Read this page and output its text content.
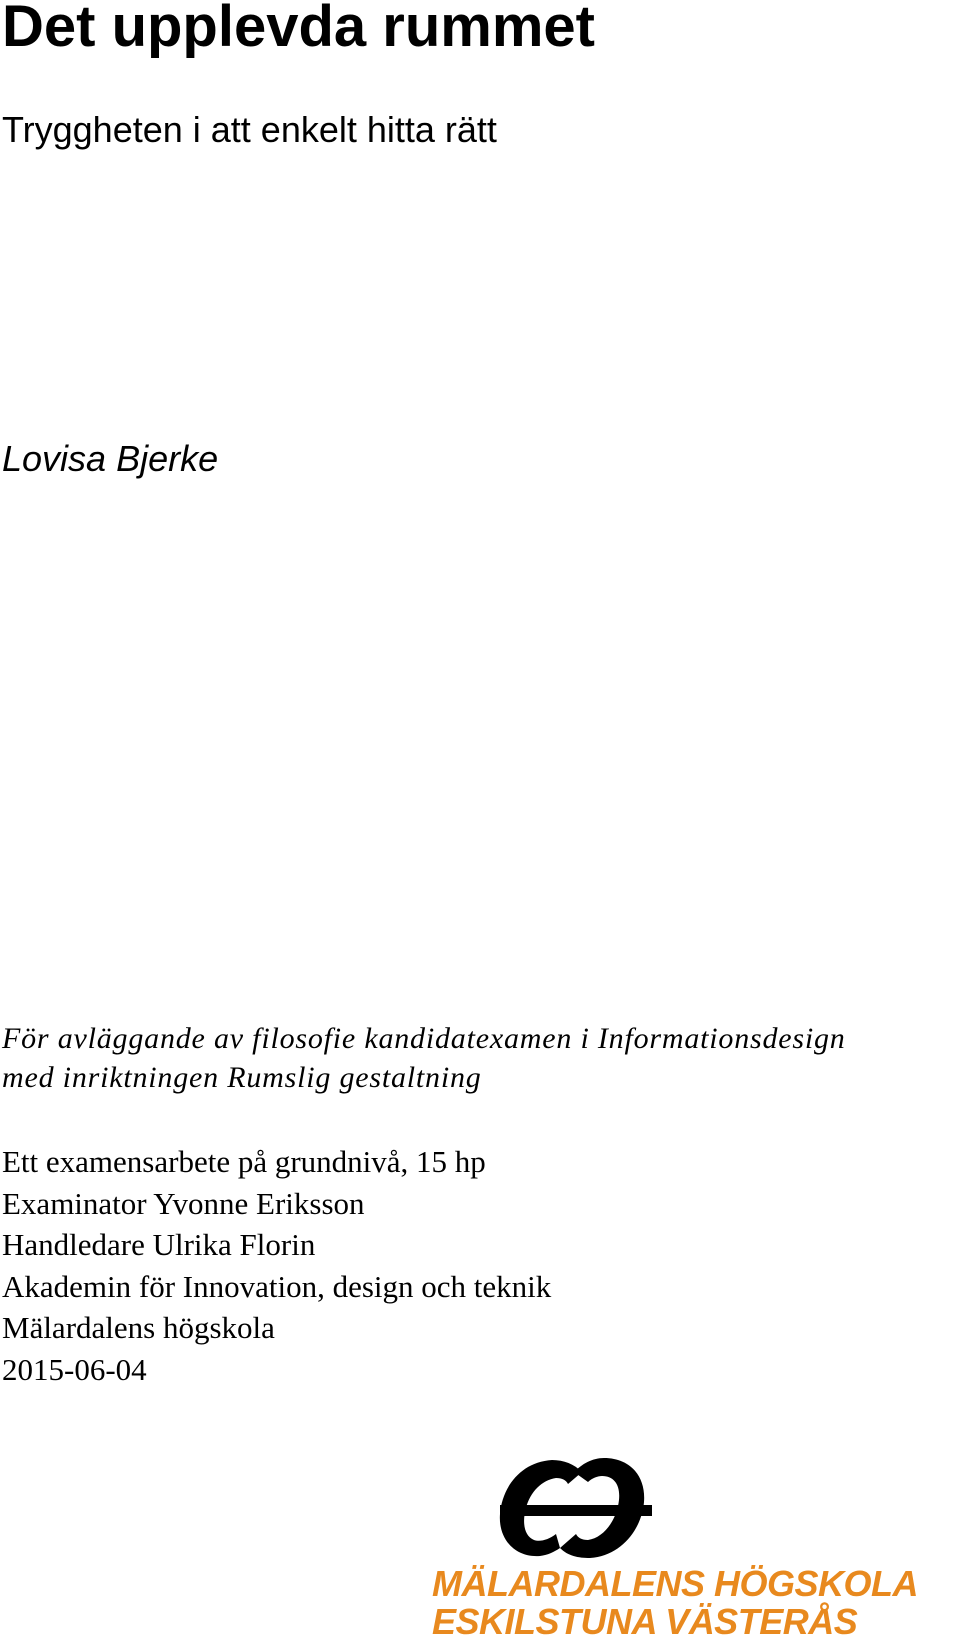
Det upplevda rummet
Tryggheten i att enkelt hitta rätt
Lovisa Bjerke
För avläggande av filosofie kandidatexamen i Informationsdesign
med inriktningen Rumslig gestaltning
Ett examensarbete på grundnivå, 15 hp
Examinator Yvonne Eriksson
Handledare Ulrika Florin
Akademin för Innovation, design och teknik
Mälardalens högskola
2015-06-04
MÄLARDALENS HÖGSKOLA
ESKILSTUNA VÄSTERÅS
